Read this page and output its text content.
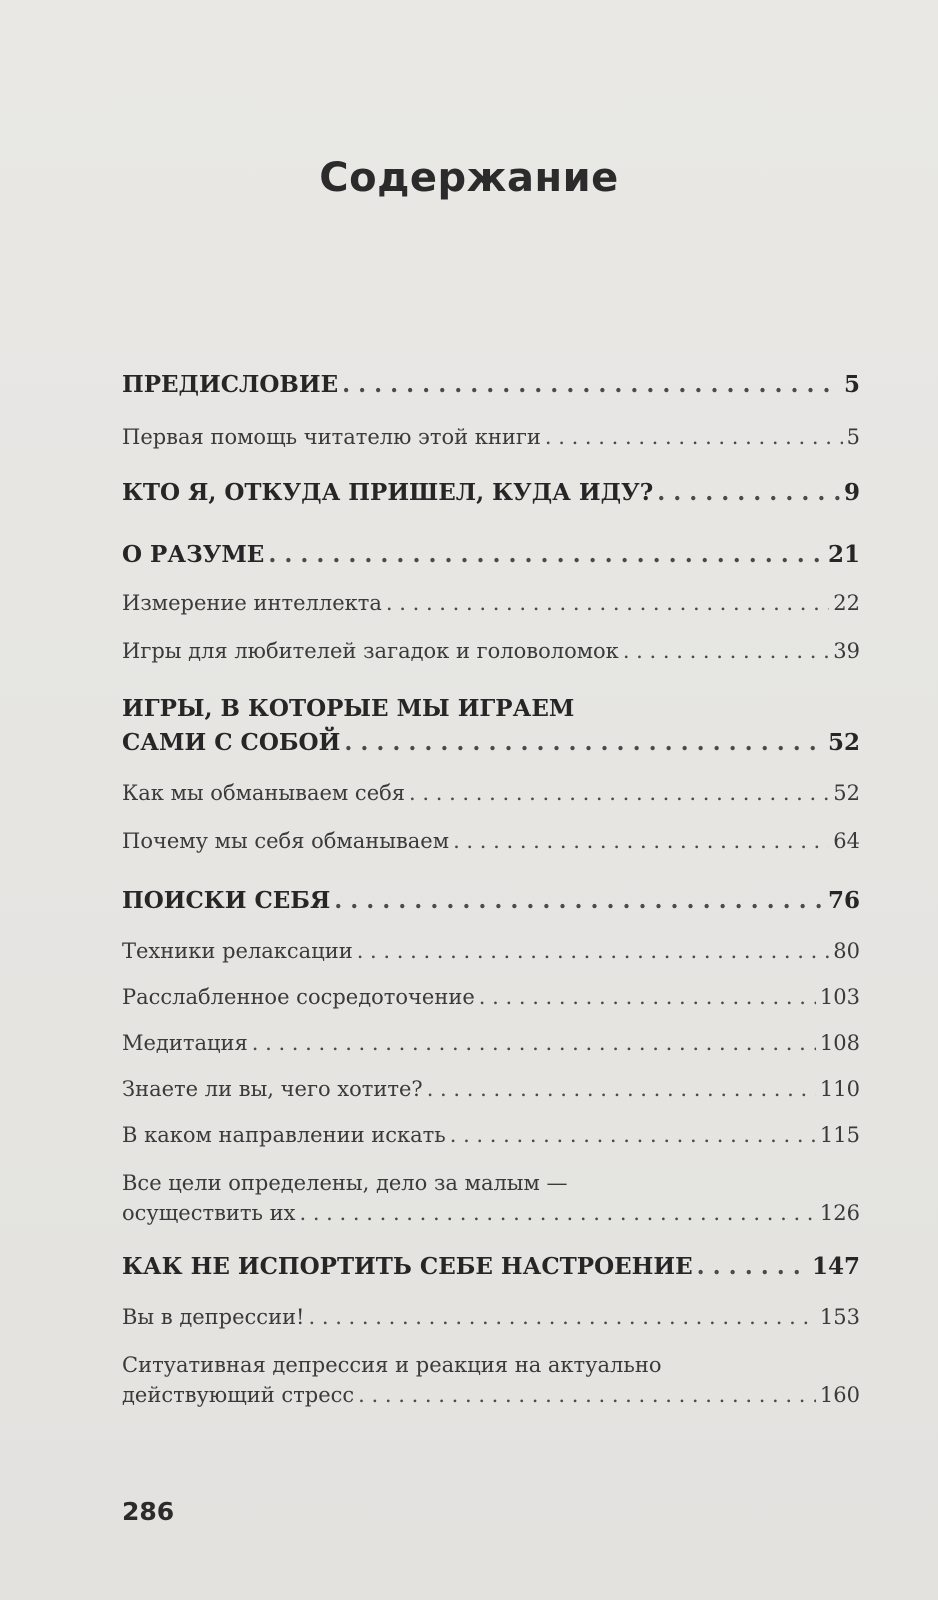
Содержание
ПРЕДИСЛОВИЕ . . .	5
Первая помощь читателю этой книги . . .	5
КТО Я, ОТКУДА ПРИШЕЛ, КУДА ИДУ? . . .	9
О РАЗУМЕ . . .	21
Измерение интеллекта . . .	22
Игры для любителей загадок и головоломок . . .	39
ИГРЫ, В КОТОРЫЕ МЫ ИГРАЕМ
САМИ С СОБОЙ . . .	52
Как мы обманываем себя . . .	52
Почему мы себя обманываем . . .	64
ПОИСКИ СЕБЯ . . .	76
Техники релаксации . . .	80
Расслабленное сосредоточение . . .	103
Медитация . . .	108
Знаете ли вы, чего хотите? . . .	110
В каком направлении искать . . .	115
Все цели определены, дело за малым —
осуществить их . . .	126
КАК НЕ ИСПОРТИТЬ СЕБЕ НАСТРОЕНИЕ . . .	147
Вы в депрессии! . . .	153
Ситуативная депрессия и реакция на актуально
действующий стресс . . .	160
286
